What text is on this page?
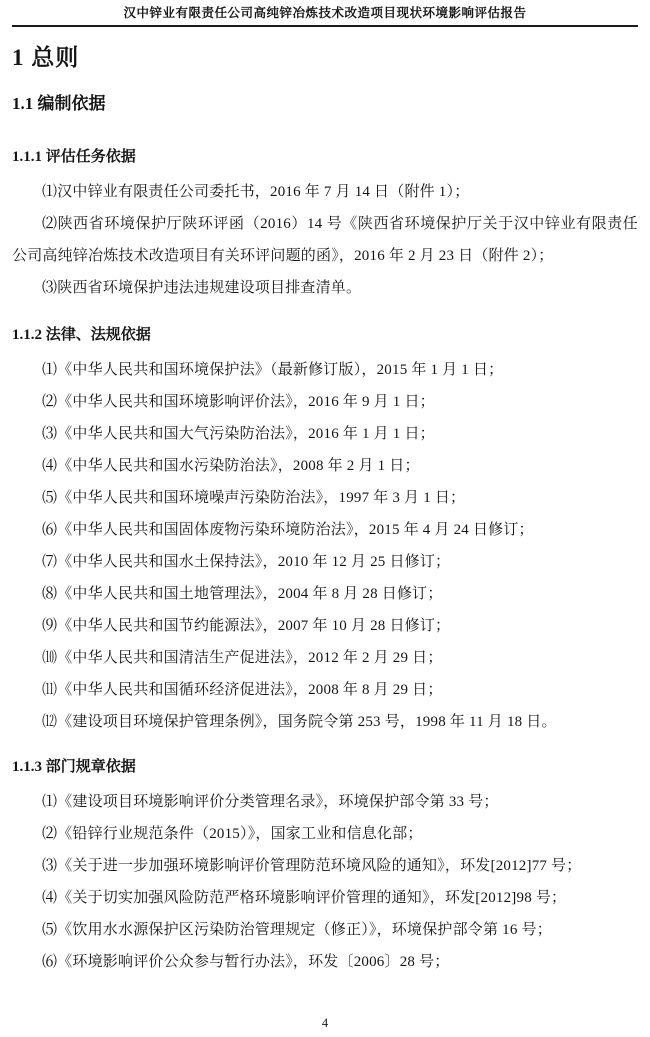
汉中锌业有限责任公司高纯锌冶炼技术改造项目现状环境影响评估报告
1 总则
1.1 编制依据
1.1.1 评估任务依据

⑴汉中锌业有限责任公司委托书，2016 年 7 月 14 日（附件 1）；

⑵陕西省环境保护厅陕环评函（2016）14 号《陕西省环境保护厅关于汉中锌业有限责任公司高纯锌冶炼技术改造项目有关环评问题的函》，2016 年 2 月 23 日（附件 2）；

⑶陕西省环境保护违法违规建设项目排查清单。

1.1.2 法律、法规依据

⑴《中华人民共和国环境保护法》（最新修订版），2015 年 1 月 1 日；

⑵《中华人民共和国环境影响评价法》，2016 年 9 月 1 日；

⑶《中华人民共和国大气污染防治法》，2016 年 1 月 1 日；

⑷《中华人民共和国水污染防治法》，2008 年 2 月 1 日；

⑸《中华人民共和国环境噪声污染防治法》，1997 年 3 月 1 日；

⑹《中华人民共和国固体废物污染环境防治法》，2015 年 4 月 24 日修订；

⑺《中华人民共和国水土保持法》，2010 年 12 月 25 日修订；

⑻《中华人民共和国土地管理法》，2004 年 8 月 28 日修订；

⑼《中华人民共和国节约能源法》，2007 年 10 月 28 日修订；

⑽《中华人民共和国清洁生产促进法》，2012 年 2 月 29 日；

⑾《中华人民共和国循环经济促进法》，2008 年 8 月 29 日；

⑿《建设项目环境保护管理条例》，国务院令第 253 号，1998 年 11 月 18 日。

1.1.3 部门规章依据

⑴《建设项目环境影响评价分类管理名录》，环境保护部令第 33 号；

⑵《铅锌行业规范条件（2015）》，国家工业和信息化部；

⑶《关于进一步加强环境影响评价管理防范环境风险的通知》，环发[2012]77 号；

⑷《关于切实加强风险防范严格环境影响评价管理的通知》，环发[2012]98 号；

⑸《饮用水水源保护区污染防治管理规定（修正）》，环境保护部令第 16 号；

⑹《环境影响评价公众参与暂行办法》，环发〔2006〕28 号；

4
